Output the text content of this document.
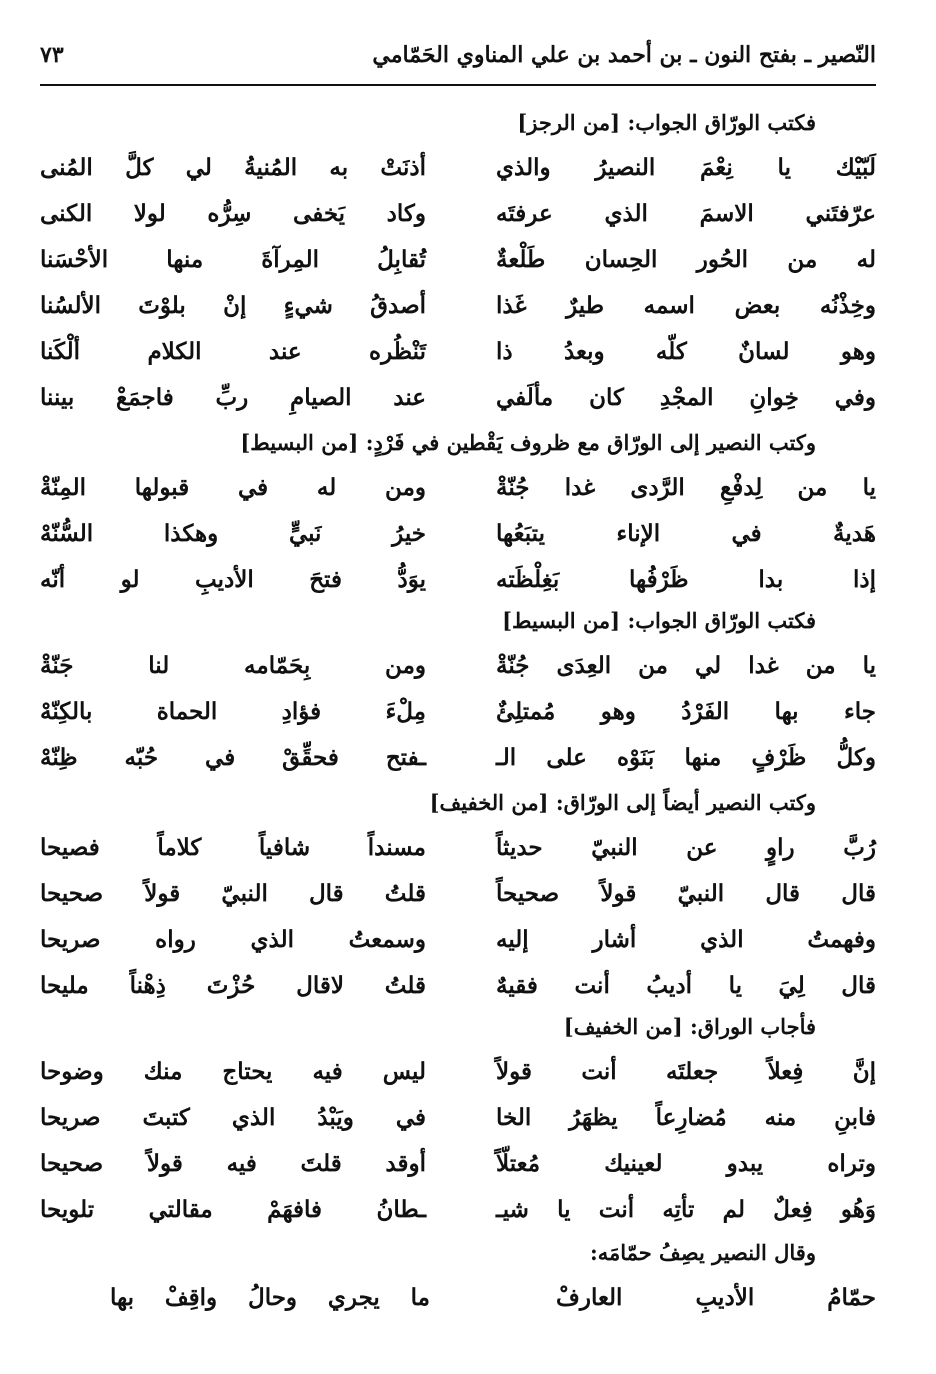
النّصير ـ بفتح النون ـ بن أحمد بن علي المناوي الحَمّامي
٧٣
فكتب الورّاق الجواب: [من الرجز]
لَبّيْك يا نِعْمَ النصيرُ والذي
أذنَتْ به المُنيةُ لي كلَّ المُنى
عرّفتَني الاسمَ الذي عرفتَه
وكاد يَخفى سِرُّه لولا الكنى
له من الحُور الحِسان طَلْعةٌ
تُقابِلُ المِرآةَ منها الأحْسَنا
وخِذْنُه بعض اسمه طيرٌ غَذا
أصدقُ شيءٍ إنْ بلوْتَ الألسُنا
وهو لسانٌ كلّه وبعدُ ذا
تَنْظُره عند الكلام ألْكَنا
وفي خِوانِ المجْدِ كان مألَفي
عند الصيامِ ربِّ فاجمَعْ بيننا
وكتب النصير إلى الورّاق مع ظروف يَقْطين في فَرْدٍ: [من البسيط]
يا من لِدفْعِ الرَّدى غدا جُنّةْ
ومن له في قبولها المِنّةْ
هَديةٌ في الإناء يتبَعُها
خيرُ نَبيٍّ وهكذا السُّنّهْ
إذا بدا ظَرْفُها بَغِلْظَته
يوَدُّ فتحَ الأديبِ لو أنّه
فكتب الورّاق الجواب: [من البسيط]
يا من غدا لي من العِدَى جُنّةْ
ومن بِحَمّامه لنا جَنّةْ
جاء بها الفَرْدُ وهو مُمتلِئٌ
مِلْءَ فؤادِ الحماة بالكِنّهْ
وكلُّ ظَرْفٍ منها بَنَوْه على الـ
ـفتح فحقِّقْ في حُبّه ظِنّهْ
وكتب النصير أيضاً إلى الورّاق: [من الخفيف]
رُبَّ راوٍ عن النبيّ حديثاً
مسنداً شافياً كلاماً فصيحا
قال قال النبيّ قولاً صحيحاً
قلتُ قال النبيّ قولاً صحيحا
وفهمتُ الذي أشار إليه
وسمعتُ الذي رواه صريحا
قال لِيَ يا أديبُ أنت فقيهٌ
قلتُ لاقال حُزْتَ ذِهْناً مليحا
فأجاب الوراق: [من الخفيف]
إنَّ فِعلاً جعلتَه أنت قولاً
ليس فيه يحتاج منك وضوحا
فابنِ منه مُضارِعاً يظهَرُ الخا
في ويَبْدُ الذي كتبتَ صريحا
وتراه يبدو لعينيك مُعتلّاً
أوقد قلتَ فيه قولاً صحيحا
وَهُو فِعلٌ لم تأتِه أنت يا شيـ
ـطانُ فافهَمْ مقالتي تلويحا
وقال النصير يصِفُ حمّامَه:
حمّامُ الأديبِ العارفْ
ما يجري وحالُ واقِفْ بها
